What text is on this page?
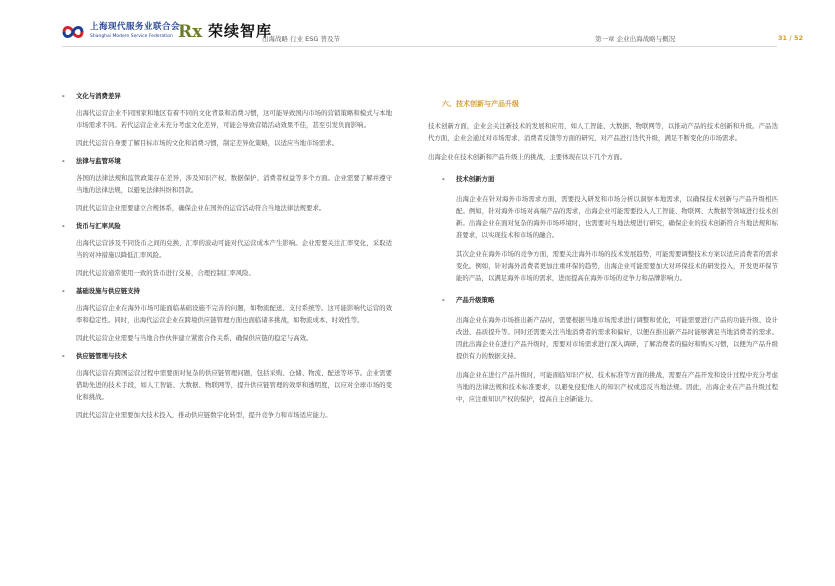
上海现代服务业联合会
Shanghai Modern Service Federation Rx 荣续智库
出海战略 行业 ESG 普及节	第一章 企业出海战略与概况	31 / 52
-	文化与消费差异

出海代运营企业不同国家和地区有着不同的文化背景和消费习惯，这可能导致国内市场的营销策略和模式与本地市场需求不同。若代运营企业未充分考虑文化差异，可能会导致营销活动效果不佳，甚至引发负面影响。

因此代运营自身要了解目标市场的文化和消费习惯，制定差异化策略，以适应当地市场需求。

-	法律与监管环境

各国的法律法规和监管政策存在差异，涉及知识产权、数据保护、消费者权益等多个方面。企业需要了解并遵守当地的法律法规，以避免法律纠纷和罚款。

因此代运营企业需要建立合规体系，确保企业在国外的运营活动符合当地法律法规要求。

-	货币与汇率风险

出海代运营涉及不同货币之间的兑换，汇率的波动可能对代运营成本产生影响。企业需要关注汇率变化，采取适当的对冲措施以降低汇率风险。

因此代运营通常使用一致的货币进行交易，合理控制汇率风险。

-	基础设施与供应链支持

出海代运营企业在海外市场可能面临基础设施不完善的问题，如物流配送、支付系统等。这可能影响代运营的效率和稳定性。同时，出海代运营企业在跨境供应链管理方面也面临诸多挑战，如物流成本、时效性等。

因此代运营企业需要与当地合作伙伴建立紧密合作关系，确保供应链的稳定与高效。

-	供应链管理与技术

出海代运营在跨国运营过程中需要面对复杂的供应链管理问题，包括采购、仓储、物流、配送等环节。企业需要借助先进的技术手段，如人工智能、大数据、物联网等，提升供应链管理的效率和透明度，以应对全球市场的变化和挑战。

因此代运营企业需要加大技术投入，推动供应链数字化转型，提升竞争力和市场适应能力。

六、技术创新与产品升级

技术创新方面，企业会关注新技术的发展和应用，如人工智能、大数据、物联网等，以推动产品的技术创新和升级。产品迭代方面，企业会通过对市场需求、消费者反馈等方面的研究，对产品进行迭代升级，满足不断变化的市场需求。

出海企业在技术创新和产品升级上的挑战，主要体现在以下几个方面。

-	技术创新方面

出海企业在针对海外市场需求方面，需要投入研发和市场分析以洞察本地需求，以确保技术创新与产品升级相匹配。例如，针对海外市场对高端产品的需求，出海企业可能需要投入人工智能、物联网、大数据等领域进行技术创新。出海企业在面对复杂的海外市场环境时，也需要对当地法规进行研究，确保企业的技术创新符合当地法规和标准要求，以实现技术和市场的融合。

其次企业在海外市场的竞争方面，需要关注海外市场的技术发展趋势，可能需要调整技术方案以适应消费者的需求变化。例如，针对海外消费者更加注重环保的趋势，出海企业可能需要加大对环保技术的研发投入，开发更环保节能的产品，以满足海外市场的需求，进而提高在海外市场的竞争力和品牌影响力。

-	产品升级策略

出海企业在海外市场推出新产品时，需要根据当地市场需求进行调整和优化，可能需要进行产品的功能升级、设计改进、品质提升等。同时还需要关注当地消费者的需求和偏好，以便在推出新产品时能够满足当地消费者的需求。因此出海企业在进行产品升级时，需要对市场需求进行深入调研，了解消费者的偏好和购买习惯，以便为产品升级提供有力的数据支持。

出海企业在进行产品升级时，可能面临知识产权、技术标准等方面的挑战，需要在产品开发和设计过程中充分考虑当地的法律法规和技术标准要求，以避免侵犯他人的知识产权或违反当地法规。因此，出海企业在产品升级过程中，应注重知识产权的保护，提高自主创新能力。
